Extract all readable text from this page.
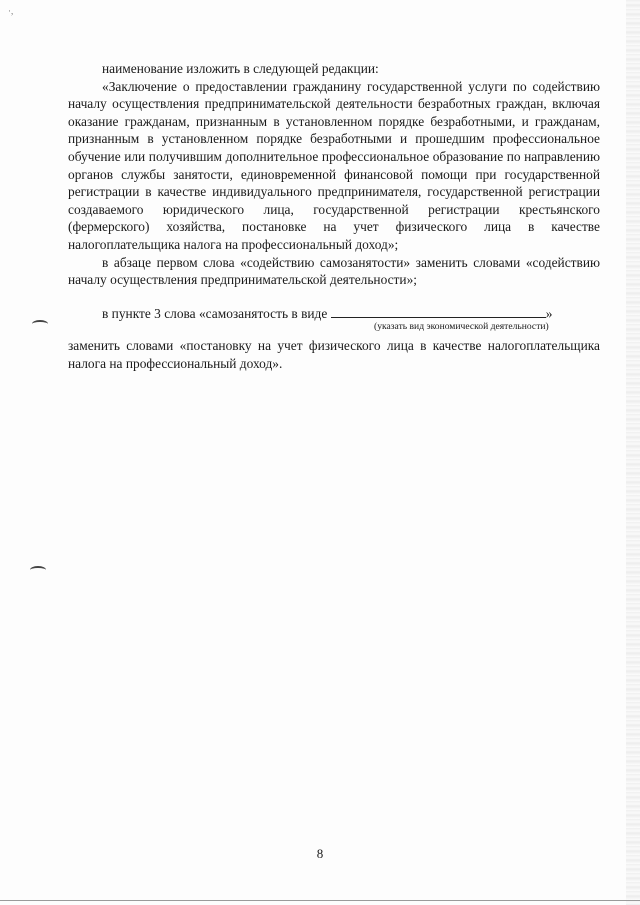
·,

наименование изложить в следующей редакции:

«Заключение о предоставлении гражданину государственной услуги по содействию началу осуществления предпринимательской деятельности безработных граждан, включая оказание гражданам, признанным в установленном порядке безработными, и гражданам, признанным в установленном порядке безработными и прошедшим профессиональное обучение или получившим дополнительное профессиональное образование по направлению органов службы занятости, единовременной финансовой помощи при государственной регистрации в качестве индивидуального предпринимателя, государственной регистрации создаваемого юридического лица, государственной регистрации крестьянского (фермерского) хозяйства, постановке на учет физического лица в качестве налогоплательщика налога на профессиональный доход»;

в абзаце первом слова «содействию самозанятости» заменить словами «содействию началу осуществления предпринимательской деятельности»;

в пункте 3 слова «самозанятость в виде	»
(указать вид экономической деятельности)

заменить словами «постановку на учет физического лица в качестве налогоплательщика налога на профессиональный доход».

8
